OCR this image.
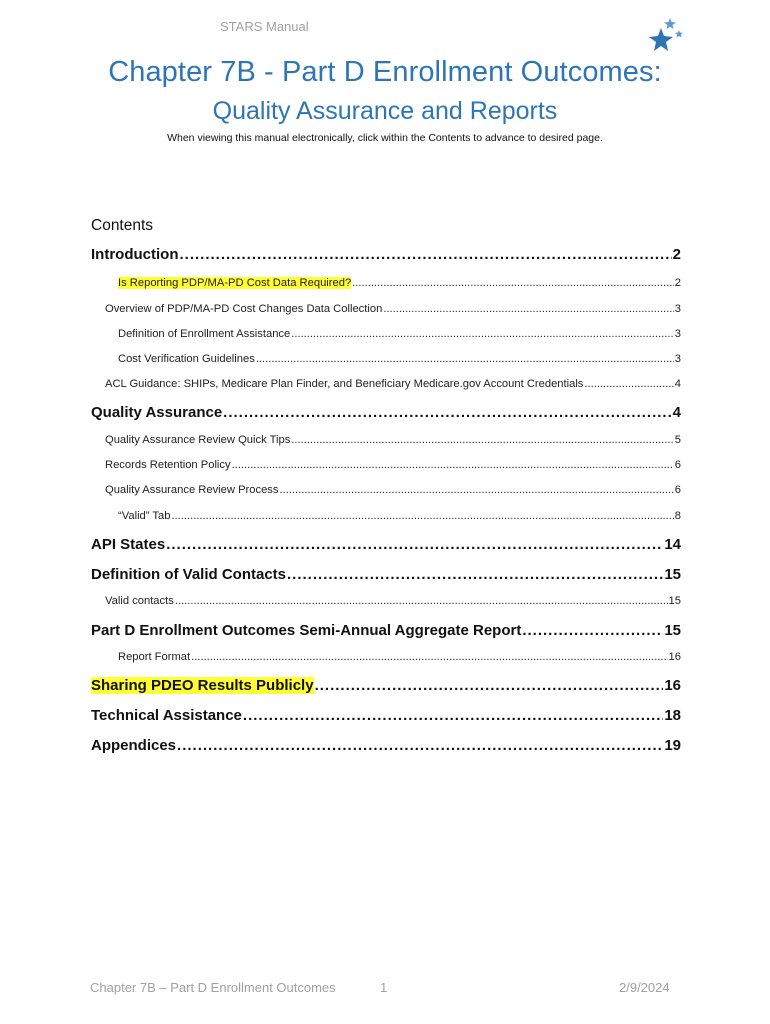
STARS Manual
Chapter 7B - Part D Enrollment Outcomes:
Quality Assurance and Reports
When viewing this manual electronically, click within the Contents to advance to desired page.
Contents
Introduction .....	2
Is Reporting PDP/MA-PD Cost Data Required? .....	2
Overview of PDP/MA-PD Cost Changes Data Collection .....	3
Definition of Enrollment Assistance .....	3
Cost Verification Guidelines .....	3
ACL Guidance: SHIPs, Medicare Plan Finder, and Beneficiary Medicare.gov Account Credentials .....	4
Quality Assurance .....	4
Quality Assurance Review Quick Tips .....	5
Records Retention Policy .....	6
Quality Assurance Review Process .....	6
“Valid” Tab .....	8
API States .....	14
Definition of Valid Contacts .....	15
Valid contacts .....	15
Part D Enrollment Outcomes Semi-Annual Aggregate Report .....	15
Report Format .....	16
Sharing PDEO Results Publicly .....	16
Technical Assistance .....	18
Appendices .....	19
Chapter 7B – Part D Enrollment Outcomes	1	2/9/2024
